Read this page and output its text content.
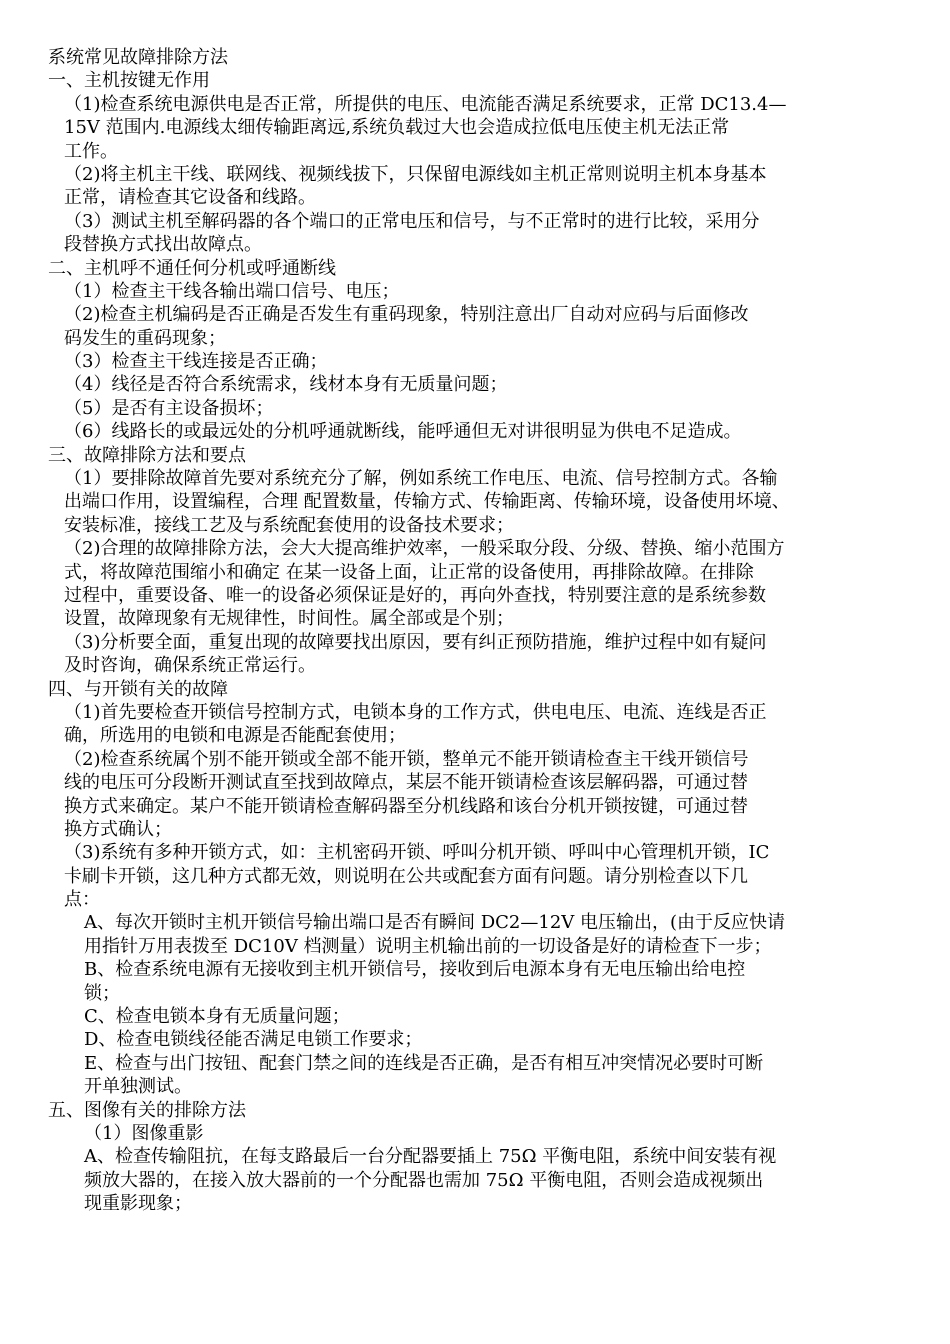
系统常见故障排除方法
一、主机按键无作用
（1)检查系统电源供电是否正常，所提供的电压、电流能否满足系统要求，正常 DC13.4—
15V 范围内.电源线太细传输距离远,系统负载过大也会造成拉低电压使主机无法正常
工作。
（2)将主机主干线、联网线、视频线拔下，只保留电源线如主机正常则说明主机本身基本
正常，请检查其它设备和线路。
（3）测试主机至解码器的各个端口的正常电压和信号，与不正常时的进行比较，采用分
段替换方式找出故障点。
二、主机呼不通任何分机或呼通断线
（1）检查主干线各输出端口信号、电压；
（2)检查主机编码是否正确是否发生有重码现象，特别注意出厂自动对应码与后面修改
码发生的重码现象；
（3）检查主干线连接是否正确；
（4）线径是否符合系统需求，线材本身有无质量问题；
（5）是否有主设备损坏；
（6）线路长的或最远处的分机呼通就断线，能呼通但无对讲很明显为供电不足造成。
三、故障排除方法和要点
（1）要排除故障首先要对系统充分了解，例如系统工作电压、电流、信号控制方式。各输
出端口作用，设置编程，合理 配置数量，传输方式、传输距离、传输环境，设备使用坏境、
安装标准，接线工艺及与系统配套使用的设备技术要求；
（2)合理的故障排除方法，会大大提高维护效率，一般采取分段、分级、替换、缩小范围方
式，将故障范围缩小和确定 在某一设备上面，让正常的设备使用，再排除故障。在排除
过程中，重要设备、唯一的设备必须保证是好的，再向外查找，特别要注意的是系统参数
设置，故障现象有无规律性，时间性。属全部或是个别；
（3)分析要全面，重复出现的故障要找出原因，要有纠正预防措施，维护过程中如有疑问
及时咨询，确保系统正常运行。
四、与开锁有关的故障
（1)首先要检查开锁信号控制方式，电锁本身的工作方式，供电电压、电流、连线是否正
确，所选用的电锁和电源是否能配套使用；
（2)检查系统属个别不能开锁或全部不能开锁，整单元不能开锁请检查主干线开锁信号
线的电压可分段断开测试直至找到故障点，某层不能开锁请检查该层解码器，可通过替
换方式来确定。某户不能开锁请检查解码器至分机线路和该台分机开锁按键，可通过替
换方式确认；
（3)系统有多种开锁方式，如：主机密码开锁、呼叫分机开锁、呼叫中心管理机开锁，IC
卡刷卡开锁，这几种方式都无效，则说明在公共或配套方面有问题。请分别检查以下几
点：
A、每次开锁时主机开锁信号输出端口是否有瞬间 DC2—12V 电压输出，(由于反应快请
用指针万用表拨至 DC10V 档测量）说明主机输出前的一切设备是好的请检查下一步；
B、检查系统电源有无接收到主机开锁信号，接收到后电源本身有无电压输出给电控
锁；
C、检查电锁本身有无质量问题；
D、检查电锁线径能否满足电锁工作要求；
E、检查与出门按钮、配套门禁之间的连线是否正确，是否有相互冲突情况必要时可断
开单独测试。
五、图像有关的排除方法
（1）图像重影
A、检查传输阻抗，在每支路最后一台分配器要插上 75Ω 平衡电阻，系统中间安装有视
频放大器的，在接入放大器前的一个分配器也需加 75Ω 平衡电阻，否则会造成视频出
现重影现象；
